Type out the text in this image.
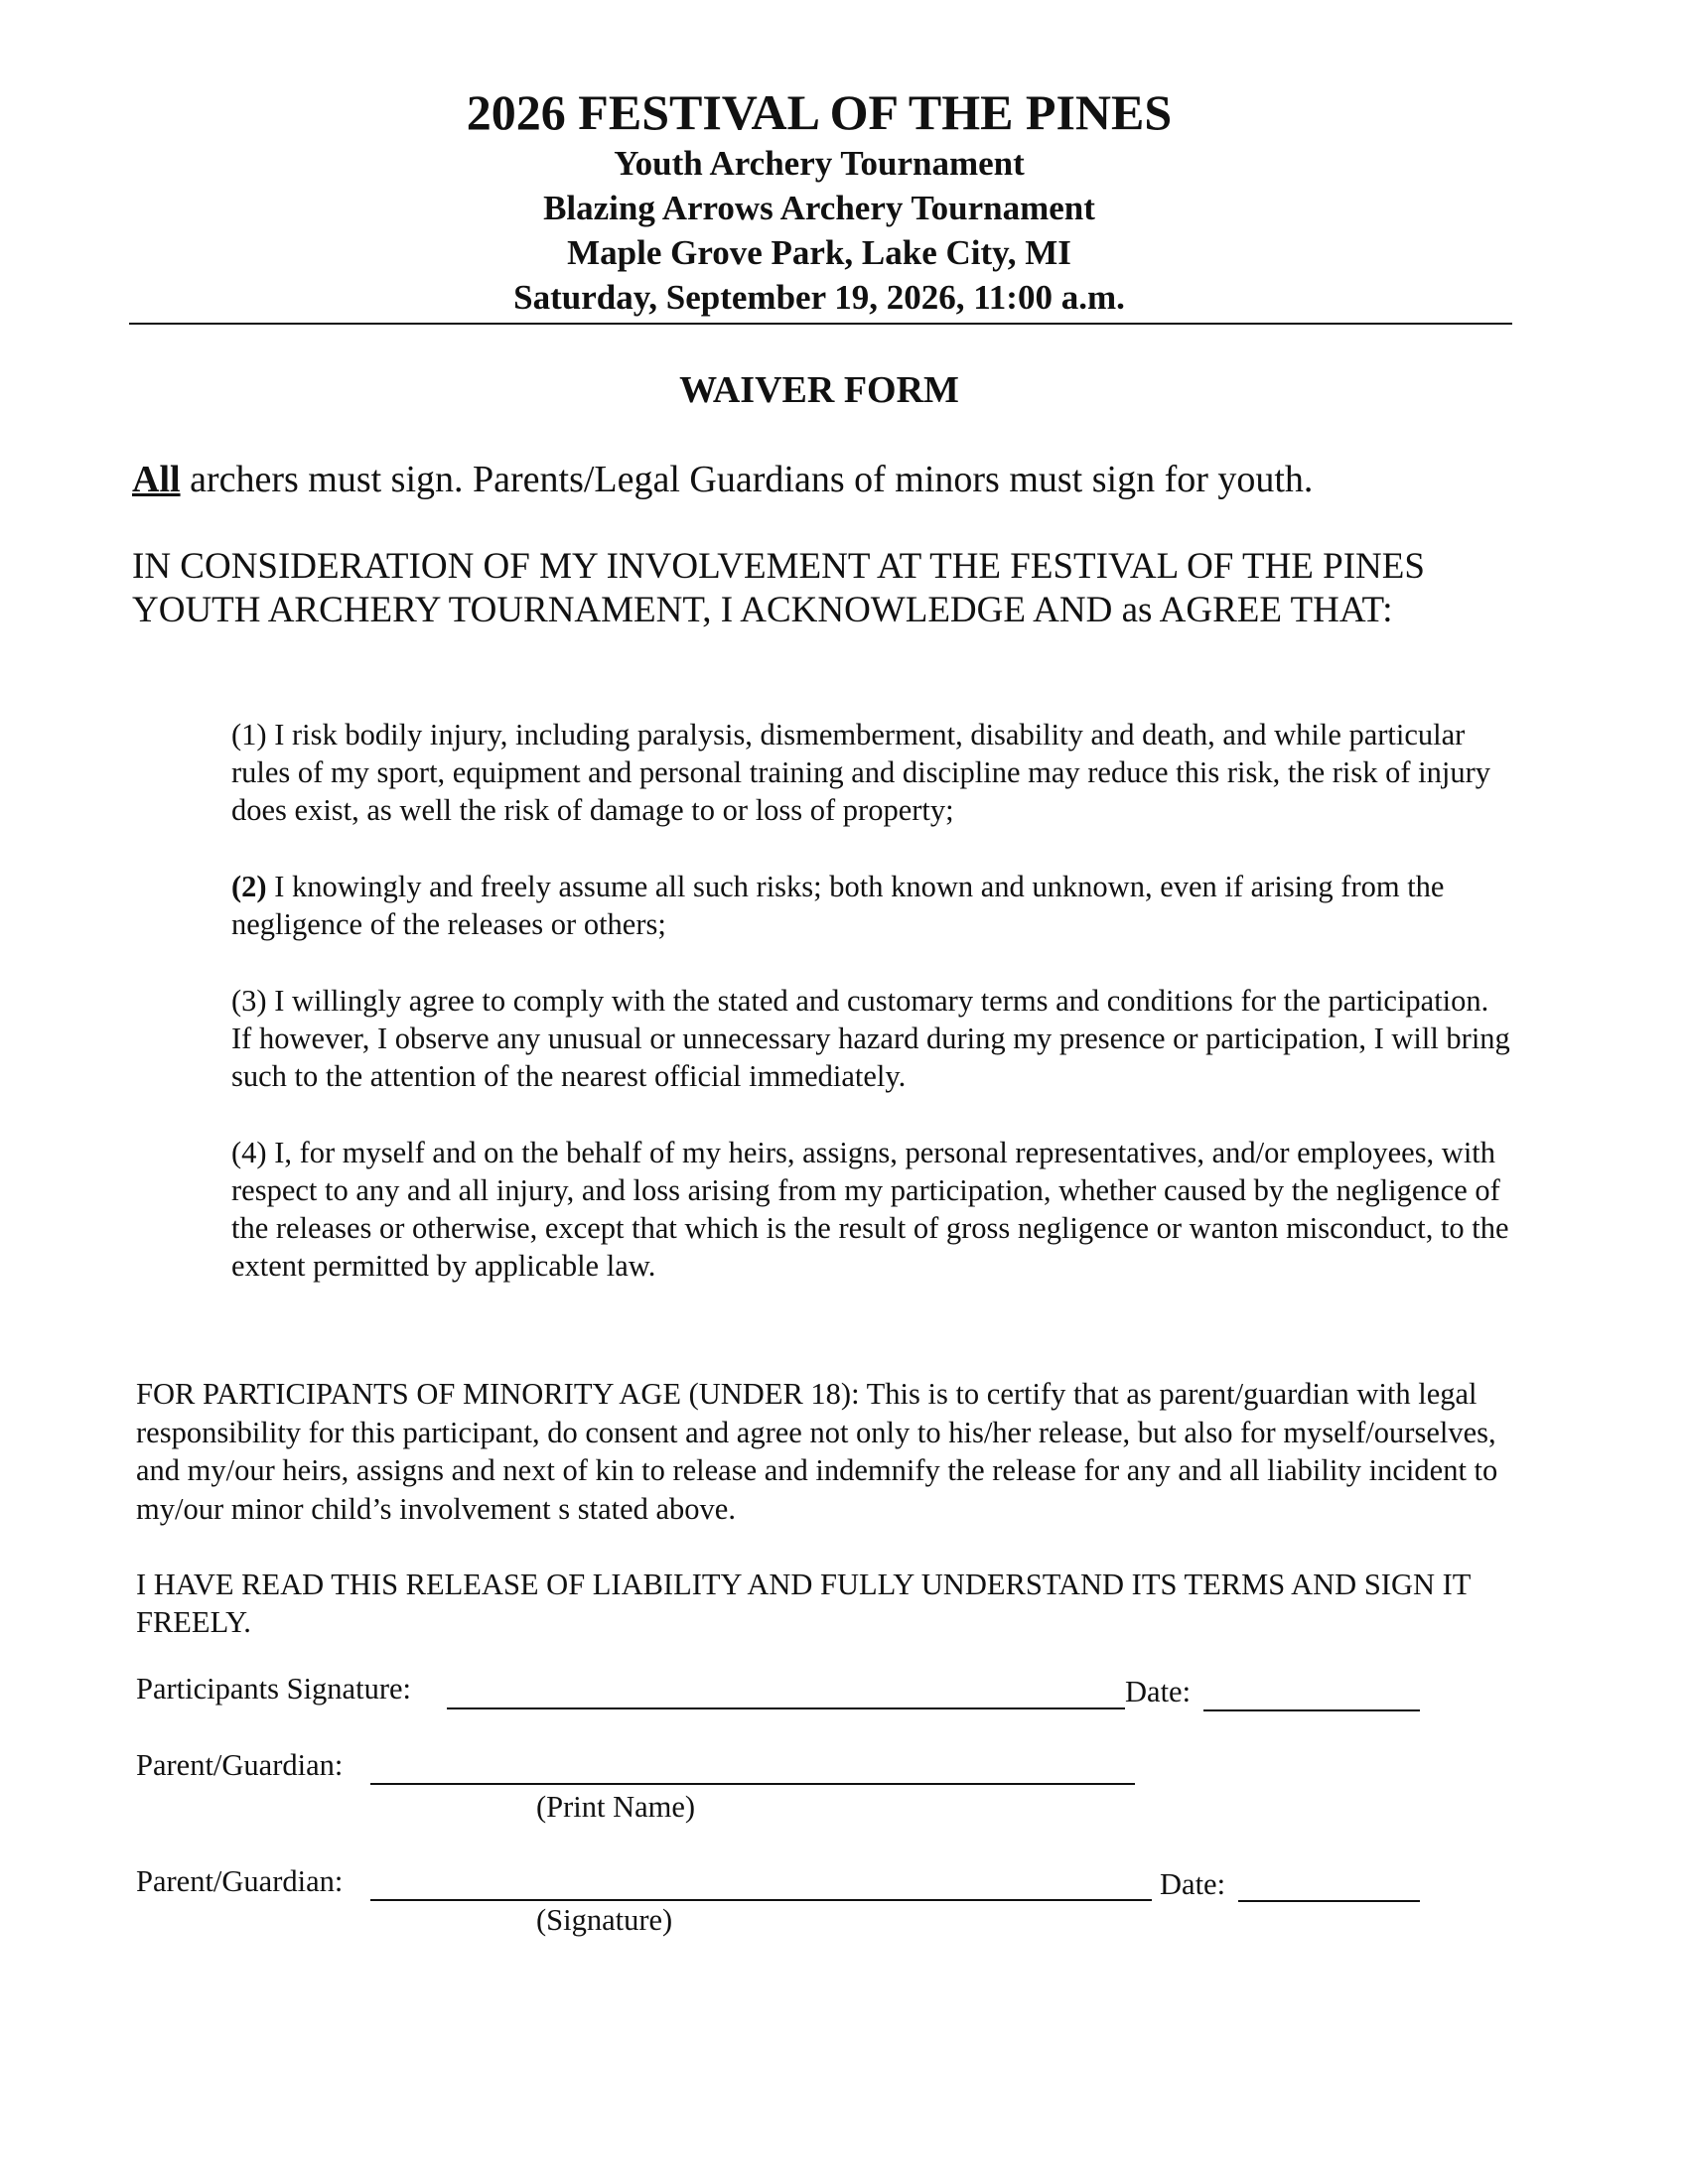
2026 FESTIVAL OF THE PINES

Youth Archery Tournament

Blazing Arrows Archery Tournament

Maple Grove Park, Lake City, MI

Saturday, September 19, 2026, 11:00 a.m.

WAIVER FORM
All archers must sign. Parents/Legal Guardians of minors must sign for youth.
IN CONSIDERATION OF MY INVOLVEMENT AT THE FESTIVAL OF THE PINES YOUTH ARCHERY TOURNAMENT, I ACKNOWLEDGE AND as AGREE THAT:

(1) I risk bodily injury, including paralysis, dismemberment, disability and death, and while particular rules of my sport, equipment and personal training and discipline may reduce this risk, the risk of injury does exist, as well the risk of damage to or loss of property;

(2) I knowingly and freely assume all such risks; both known and unknown, even if arising from the negligence of the releases or others;

(3) I willingly agree to comply with the stated and customary terms and conditions for the participation. If however, I observe any unusual or unnecessary hazard during my presence or participation, I will bring such to the attention of the nearest official immediately.

(4) I, for myself and on the behalf of my heirs, assigns, personal representatives, and/or employees, with respect to any and all injury, and loss arising from my participation, whether caused by the negligence of the releases or otherwise, except that which is the result of gross negligence or wanton misconduct, to the extent permitted by applicable law.

FOR PARTICIPANTS OF MINORITY AGE (UNDER 18): This is to certify that as parent/guardian with legal responsibility for this participant, do consent and agree not only to his/her release, but also for myself/ourselves, and my/our heirs, assigns and next of kin to release and indemnify the release for any and all liability incident to my/our minor child’s involvement s stated above.
I HAVE READ THIS RELEASE OF LIABILITY AND FULLY UNDERSTAND ITS TERMS AND SIGN IT FREELY.
Participants Signature:	Date:
Parent/Guardian:
(Print Name)
Parent/Guardian:	Date:
(Signature)
